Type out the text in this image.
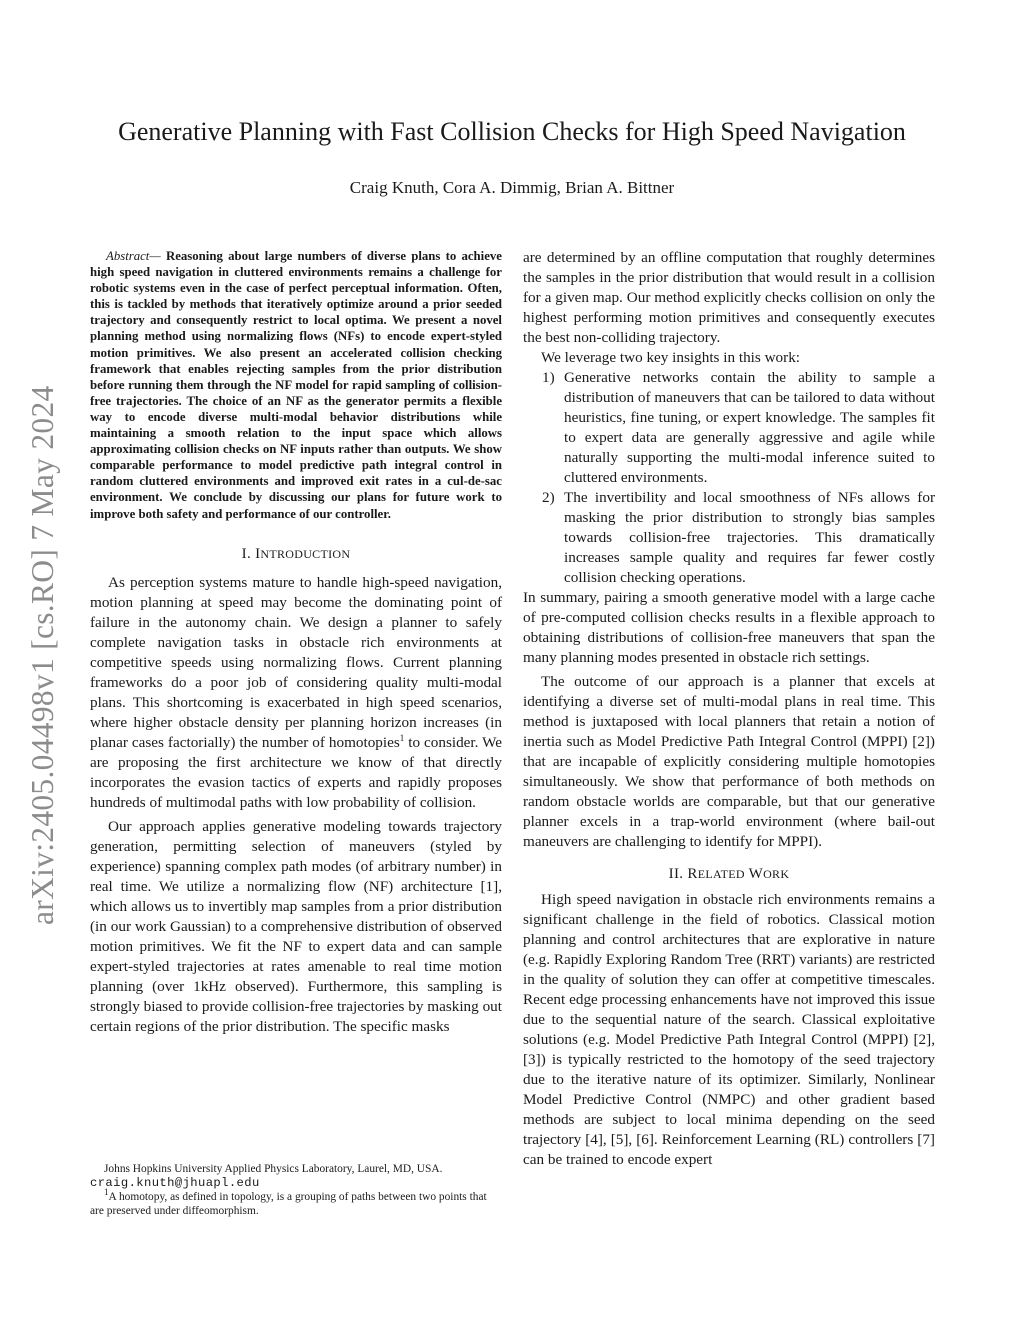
arXiv:2405.04498v1 [cs.RO] 7 May 2024
Generative Planning with Fast Collision Checks for High Speed Navigation

Craig Knuth, Cora A. Dimmig, Brian A. Bittner

Abstract— Reasoning about large numbers of diverse plans to achieve high speed navigation in cluttered environments remains a challenge for robotic systems even in the case of perfect perceptual information. Often, this is tackled by methods that iteratively optimize around a prior seeded trajectory and consequently restrict to local optima. We present a novel planning method using normalizing flows (NFs) to encode expert-styled motion primitives. We also present an accelerated collision checking framework that enables rejecting samples from the prior distribution before running them through the NF model for rapid sampling of collision-free trajectories. The choice of an NF as the generator permits a flexible way to encode diverse multi-modal behavior distributions while maintaining a smooth relation to the input space which allows approximating collision checks on NF inputs rather than outputs. We show comparable performance to model predictive path integral control in random cluttered environments and improved exit rates in a cul-de-sac environment. We conclude by discussing our plans for future work to improve both safety and performance of our controller.

I. INTRODUCTION

As perception systems mature to handle high-speed navigation, motion planning at speed may become the dominating point of failure in the autonomy chain. We design a planner to safely complete navigation tasks in obstacle rich environments at competitive speeds using normalizing flows. Current planning frameworks do a poor job of considering quality multi-modal plans. This shortcoming is exacerbated in high speed scenarios, where higher obstacle density per planning horizon increases (in planar cases factorially) the number of homotopies$^1$ to consider. We are proposing the first architecture we know of that directly incorporates the evasion tactics of experts and rapidly proposes hundreds of multimodal paths with low probability of collision.

Our approach applies generative modeling towards trajectory generation, permitting selection of maneuvers (styled by experience) spanning complex path modes (of arbitrary number) in real time. We utilize a normalizing flow (NF) architecture [1], which allows us to invertibly map samples from a prior distribution (in our work Gaussian) to a comprehensive distribution of observed motion primitives. We fit the NF to expert data and can sample expert-styled trajectories at rates amenable to real time motion planning (over 1kHz observed). Furthermore, this sampling is strongly biased to provide collision-free trajectories by masking out certain regions of the prior distribution. The specific masks

Johns Hopkins University Applied Physics Laboratory, Laurel, MD, USA.

craig.knuth@jhuapl.edu

$^1$A homotopy, as defined in topology, is a grouping of paths between two points that are preserved under diffeomorphism.

are determined by an offline computation that roughly determines the samples in the prior distribution that would result in a collision for a given map. Our method explicitly checks collision on only the highest performing motion primitives and consequently executes the best non-colliding trajectory.

We leverage two key insights in this work:

1) Generative networks contain the ability to sample a distribution of maneuvers that can be tailored to data without heuristics, fine tuning, or expert knowledge. The samples fit to expert data are generally aggressive and agile while naturally supporting the multi-modal inference suited to cluttered environments.
2) The invertibility and local smoothness of NFs allows for masking the prior distribution to strongly bias samples towards collision-free trajectories. This dramatically increases sample quality and requires far fewer costly collision checking operations.

In summary, pairing a smooth generative model with a large cache of pre-computed collision checks results in a flexible approach to obtaining distributions of collision-free maneuvers that span the many planning modes presented in obstacle rich settings.

The outcome of our approach is a planner that excels at identifying a diverse set of multi-modal plans in real time. This method is juxtaposed with local planners that retain a notion of inertia such as Model Predictive Path Integral Control (MPPI) [2]) that are incapable of explicitly considering multiple homotopies simultaneously. We show that performance of both methods on random obstacle worlds are comparable, but that our generative planner excels in a trap-world environment (where bail-out maneuvers are challenging to identify for MPPI).

II. RELATED WORK

High speed navigation in obstacle rich environments remains a significant challenge in the field of robotics. Classical motion planning and control architectures that are explorative in nature (e.g. Rapidly Exploring Random Tree (RRT) variants) are restricted in the quality of solution they can offer at competitive timescales. Recent edge processing enhancements have not improved this issue due to the sequential nature of the search. Classical exploitative solutions (e.g. Model Predictive Path Integral Control (MPPI) [2], [3]) is typically restricted to the homotopy of the seed trajectory due to the iterative nature of its optimizer. Similarly, Nonlinear Model Predictive Control (NMPC) and other gradient based methods are subject to local minima depending on the seed trajectory [4], [5], [6]. Reinforcement Learning (RL) controllers [7] can be trained to encode expert
